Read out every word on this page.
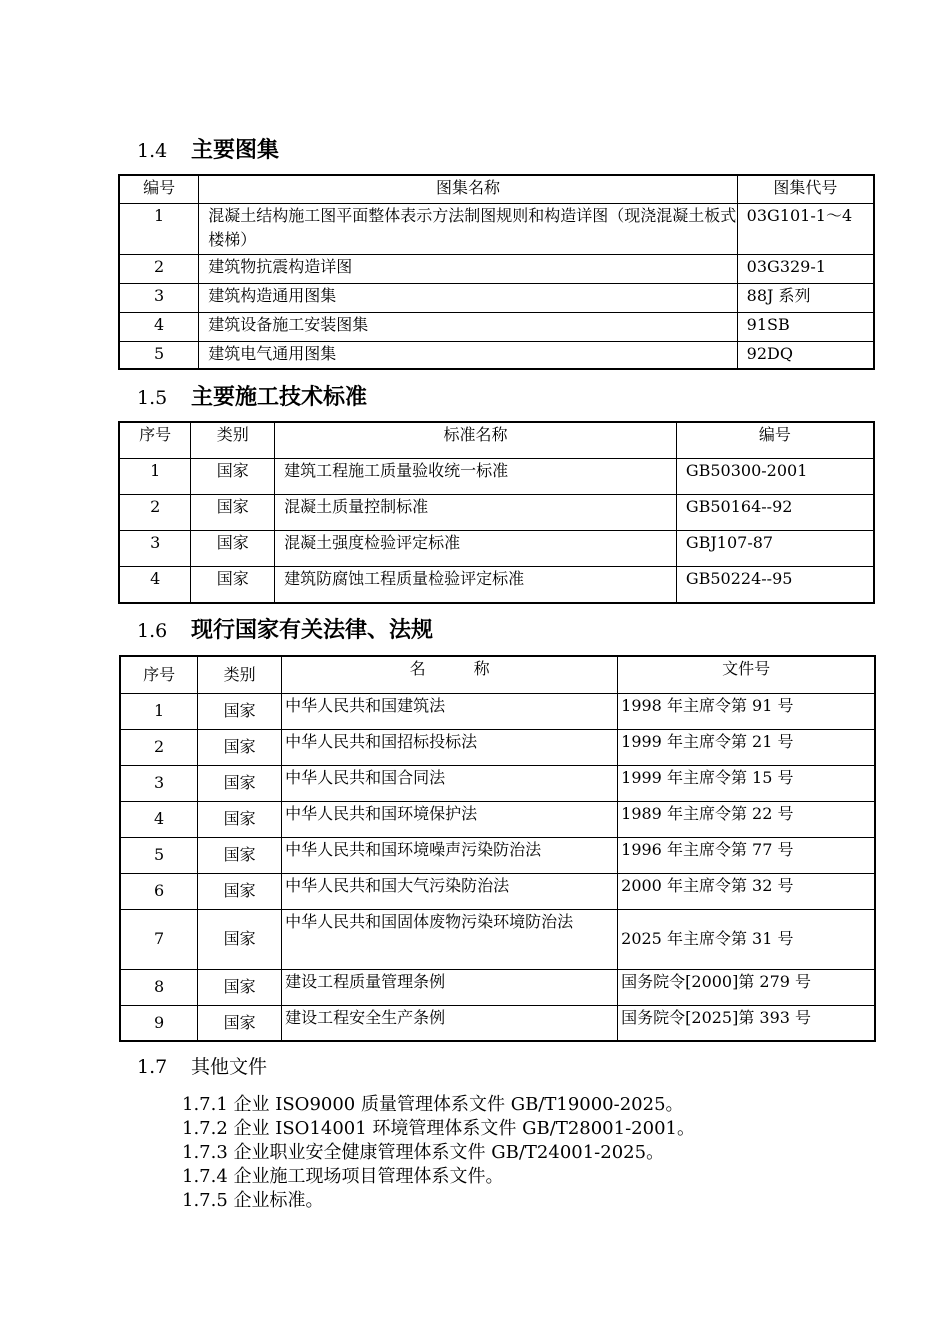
1.4 主要图集
编号	图集名称	图集代号
1	混凝土结构施工图平面整体表示方法制图规则和构造详图（现浇混凝土板式楼梯）	03G101-1～4
2	建筑物抗震构造详图	03G329-1
3	建筑构造通用图集	88J 系列
4	建筑设备施工安装图集	91SB
5	建筑电气通用图集	92DQ
1.5 主要施工技术标准
序号	类别	标准名称	编号
1	国家	建筑工程施工质量验收统一标准	GB50300-2001
2	国家	混凝土质量控制标准	GB50164--92
3	国家	混凝土强度检验评定标准	GBJ107-87
4	国家	建筑防腐蚀工程质量检验评定标准	GB50224--95
1.6 现行国家有关法律、法规
序号	类别	名　　　称	文件号
1	国家	中华人民共和国建筑法	1998 年主席令第 91 号
2	国家	中华人民共和国招标投标法	1999 年主席令第 21 号
3	国家	中华人民共和国合同法	1999 年主席令第 15 号
4	国家	中华人民共和国环境保护法	1989 年主席令第 22 号
5	国家	中华人民共和国环境噪声污染防治法	1996 年主席令第 77 号
6	国家	中华人民共和国大气污染防治法	2000 年主席令第 32 号
7	国家	中华人民共和国固体废物污染环境防治法	2025 年主席令第 31 号
8	国家	建设工程质量管理条例	国务院令[2000]第 279 号
9	国家	建设工程安全生产条例	国务院令[2025]第 393 号
1.7 其他文件
1.7.1 企业 ISO9000 质量管理体系文件 GB/T19000-2025。
1.7.2 企业 ISO14001 环境管理体系文件 GB/T28001-2001。
1.7.3 企业职业安全健康管理体系文件 GB/T24001-2025。
1.7.4 企业施工现场项目管理体系文件。
1.7.5 企业标准。
